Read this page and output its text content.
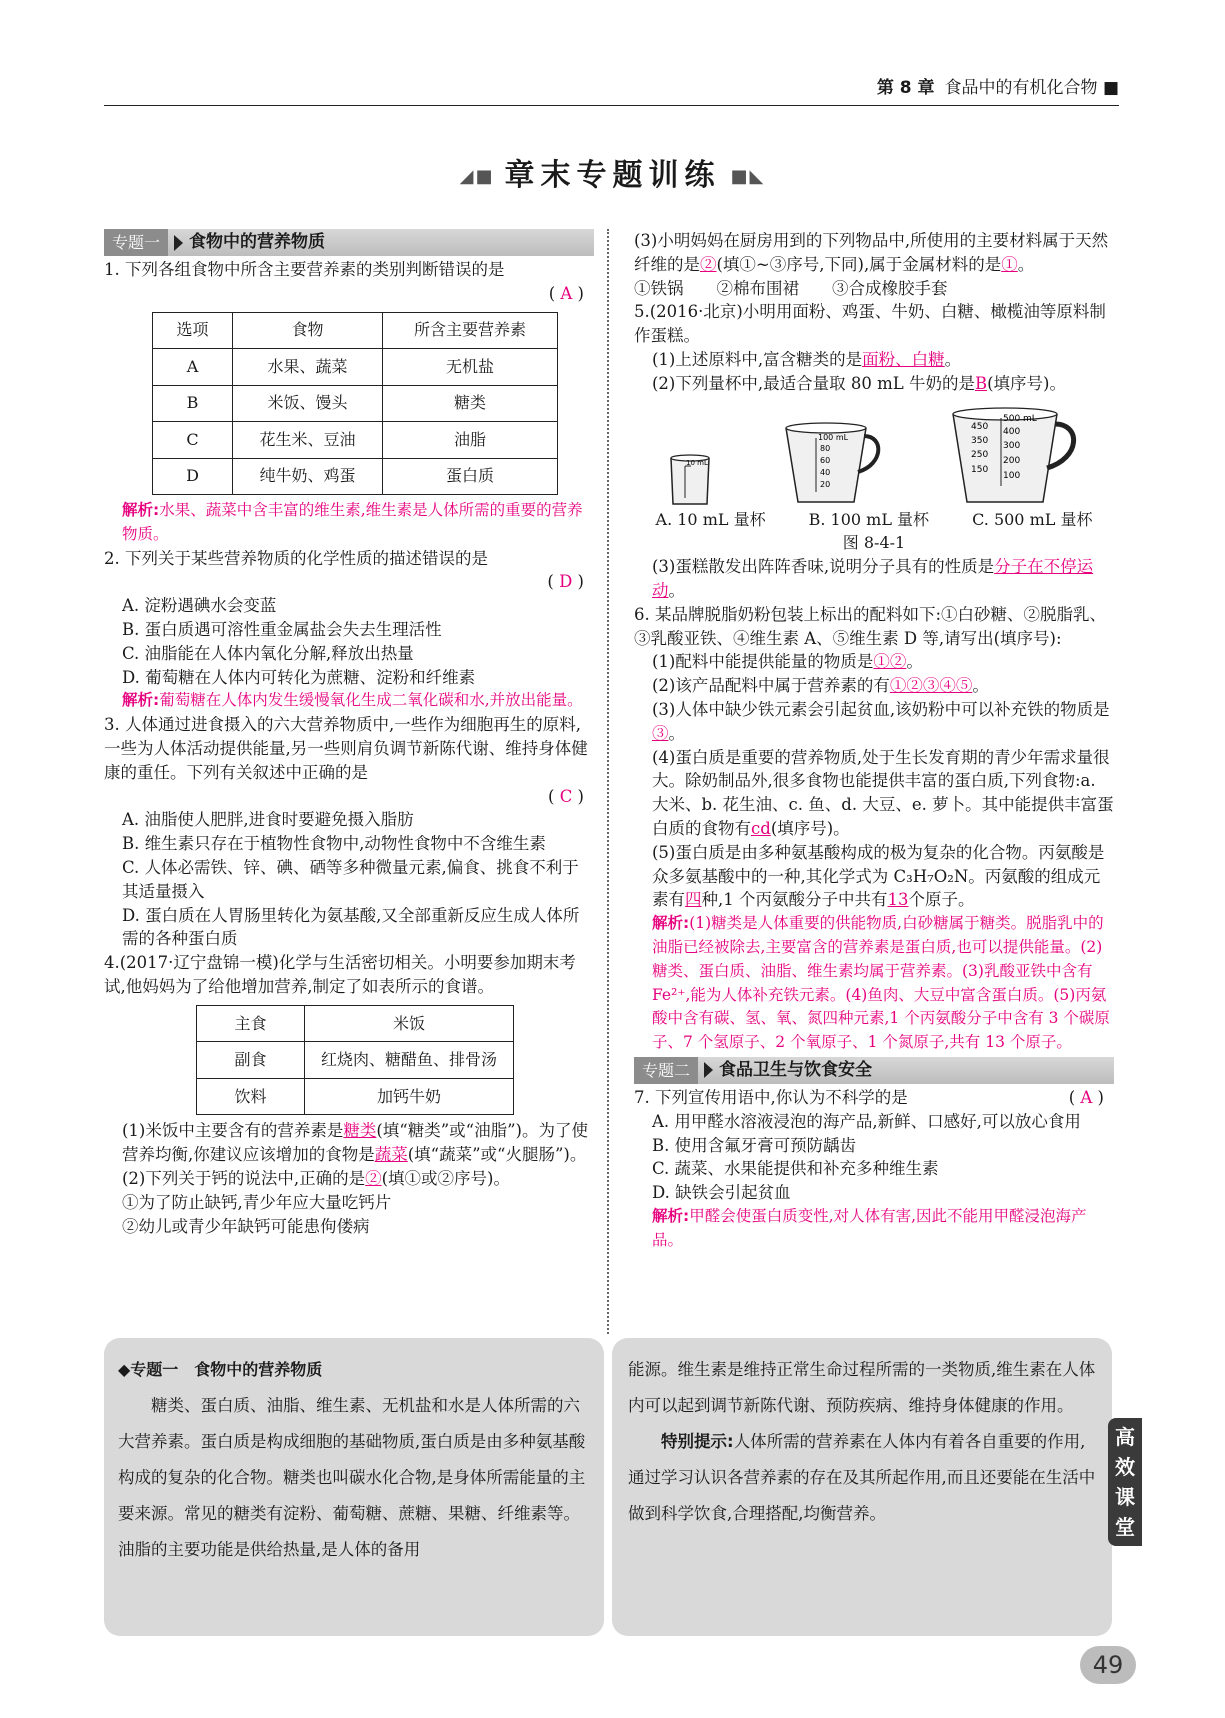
第 8 章 食品中的有机化合物 ■
◢■ 章末专题训练 ■◣
专题一	食物中的营养物质
1. 下列各组食物中所含主要营养素的类别判断错误的是
( A )
选项	食物	所含主要营养素
A	水果、蔬菜	无机盐
B	米饭、馒头	糖类
C	花生米、豆油	油脂
D	纯牛奶、鸡蛋	蛋白质
解析:水果、蔬菜中含丰富的维生素,维生素是人体所需的重要的营养物质。
2. 下列关于某些营养物质的化学性质的描述错误的是
( D )
A. 淀粉遇碘水会变蓝
B. 蛋白质遇可溶性重金属盐会失去生理活性
C. 油脂能在人体内氧化分解,释放出热量
D. 葡萄糖在人体内可转化为蔗糖、淀粉和纤维素
解析:葡萄糖在人体内发生缓慢氧化生成二氧化碳和水,并放出能量。
3. 人体通过进食摄入的六大营养物质中,一些作为细胞再生的原料,一些为人体活动提供能量,另一些则肩负调节新陈代谢、维持身体健康的重任。下列有关叙述中正确的是
( C )
A. 油脂使人肥胖,进食时要避免摄入脂肪
B. 维生素只存在于植物性食物中,动物性食物中不含维生素
C. 人体必需铁、锌、碘、硒等多种微量元素,偏食、挑食不利于其适量摄入
D. 蛋白质在人胃肠里转化为氨基酸,又全部重新反应生成人体所需的各种蛋白质
4.(2017·辽宁盘锦一模)化学与生活密切相关。小明要参加期末考试,他妈妈为了给他增加营养,制定了如表所示的食谱。
主食	米饭
副食	红烧肉、糖醋鱼、排骨汤
饮料	加钙牛奶
(1)米饭中主要含有的营养素是糖类(填“糖类”或“油脂”)。为了使营养均衡,你建议应该增加的食物是蔬菜(填“蔬菜”或“火腿肠”)。
(2)下列关于钙的说法中,正确的是②(填①或②序号)。
①为了防止缺钙,青少年应大量吃钙片
②幼儿或青少年缺钙可能患佝偻病
(3)小明妈妈在厨房用到的下列物品中,所使用的主要材料属于天然纤维的是②(填①~③序号,下同),属于金属材料的是①。
①铁锅　　②棉布围裙　　③合成橡胶手套
5.(2016·北京)小明用面粉、鸡蛋、牛奶、白糖、橄榄油等原料制作蛋糕。
(1)上述原料中,富含糖类的是面粉、白糖。
(2)下列量杯中,最适合量取 80 mL 牛奶的是B(填序号)。
10 mL
100 mL
80
60
40
20
500 mL
450 400
350 300
250
200
150
100
A. 10 mL 量杯	B. 100 mL 量杯	C. 500 mL 量杯
图 8-4-1
(3)蛋糕散发出阵阵香味,说明分子具有的性质是分子在不停运动。
6. 某品牌脱脂奶粉包装上标出的配料如下:①白砂糖、②脱脂乳、③乳酸亚铁、④维生素 A、⑤维生素 D 等,请写出(填序号):
(1)配料中能提供能量的物质是①②。
(2)该产品配料中属于营养素的有①②③④⑤。
(3)人体中缺少铁元素会引起贫血,该奶粉中可以补充铁的物质是③。
(4)蛋白质是重要的营养物质,处于生长发育期的青少年需求量很大。除奶制品外,很多食物也能提供丰富的蛋白质,下列食物:a. 大米、b. 花生油、c. 鱼、d. 大豆、e. 萝卜。其中能提供丰富蛋白质的食物有cd(填序号)。
(5)蛋白质是由多种氨基酸构成的极为复杂的化合物。丙氨酸是众多氨基酸中的一种,其化学式为 C₃H₇O₂N。丙氨酸的组成元素有四种,1 个丙氨酸分子中共有13个原子。
解析:(1)糖类是人体重要的供能物质,白砂糖属于糖类。脱脂乳中的油脂已经被除去,主要富含的营养素是蛋白质,也可以提供能量。(2)糖类、蛋白质、油脂、维生素均属于营养素。(3)乳酸亚铁中含有 Fe²⁺,能为人体补充铁元素。(4)鱼肉、大豆中富含蛋白质。(5)丙氨酸中含有碳、氢、氧、氮四种元素,1 个丙氨酸分子中含有 3 个碳原子、7 个氢原子、2 个氧原子、1 个氮原子,共有 13 个原子。
专题二	食品卫生与饮食安全
7. 下列宣传用语中,你认为不科学的是	( A )
A. 用甲醛水溶液浸泡的海产品,新鲜、口感好,可以放心食用
B. 使用含氟牙膏可预防龋齿
C. 蔬菜、水果能提供和补充多种维生素
D. 缺铁会引起贫血
解析:甲醛会使蛋白质变性,对人体有害,因此不能用甲醛浸泡海产品。
◆专题一　食物中的营养物质
糖类、蛋白质、油脂、维生素、无机盐和水是人体所需的六大营养素。蛋白质是构成细胞的基础物质,蛋白质是由多种氨基酸构成的复杂的化合物。糖类也叫碳水化合物,是身体所需能量的主要来源。常见的糖类有淀粉、葡萄糖、蔗糖、果糖、纤维素等。油脂的主要功能是供给热量,是人体的备用
能源。维生素是维持正常生命过程所需的一类物质,维生素在人体内可以起到调节新陈代谢、预防疾病、维持身体健康的作用。
特别提示:人体所需的营养素在人体内有着各自重要的作用,通过学习认识各营养素的存在及其所起作用,而且还要能在生活中做到科学饮食,合理搭配,均衡营养。
高效课堂
49
